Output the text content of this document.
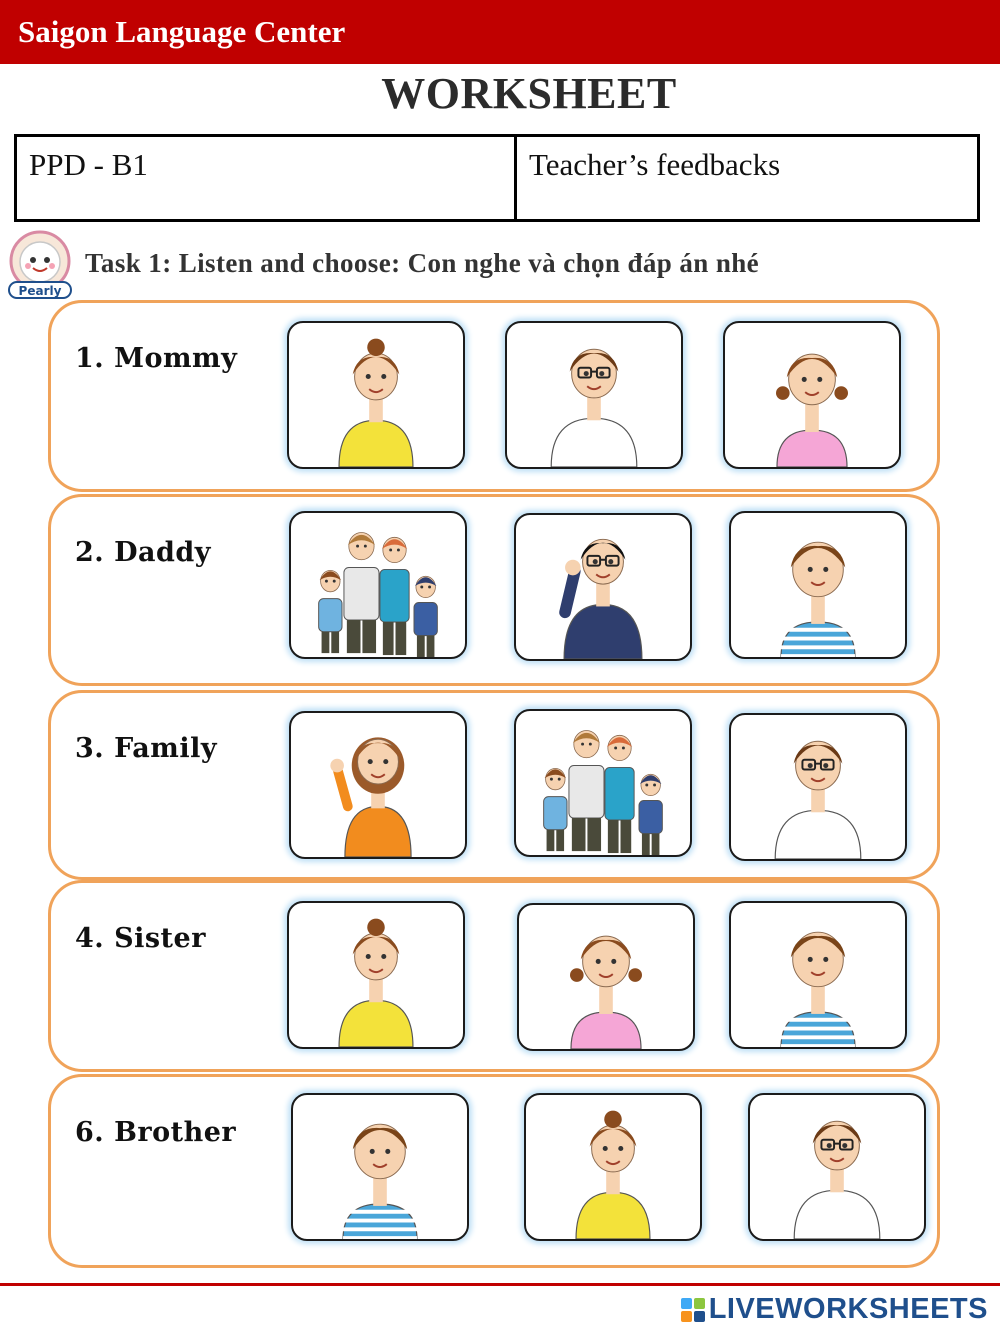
Saigon Language Center
WORKSHEET
PPD - B1	Teacher’s feedbacks
Pearly
Task 1: Listen and choose: Con nghe và chọn đáp án nhé
1. Mommy
2. Daddy
3. Family
4. Sister
6. Brother
LIVEWORKSHEETS
